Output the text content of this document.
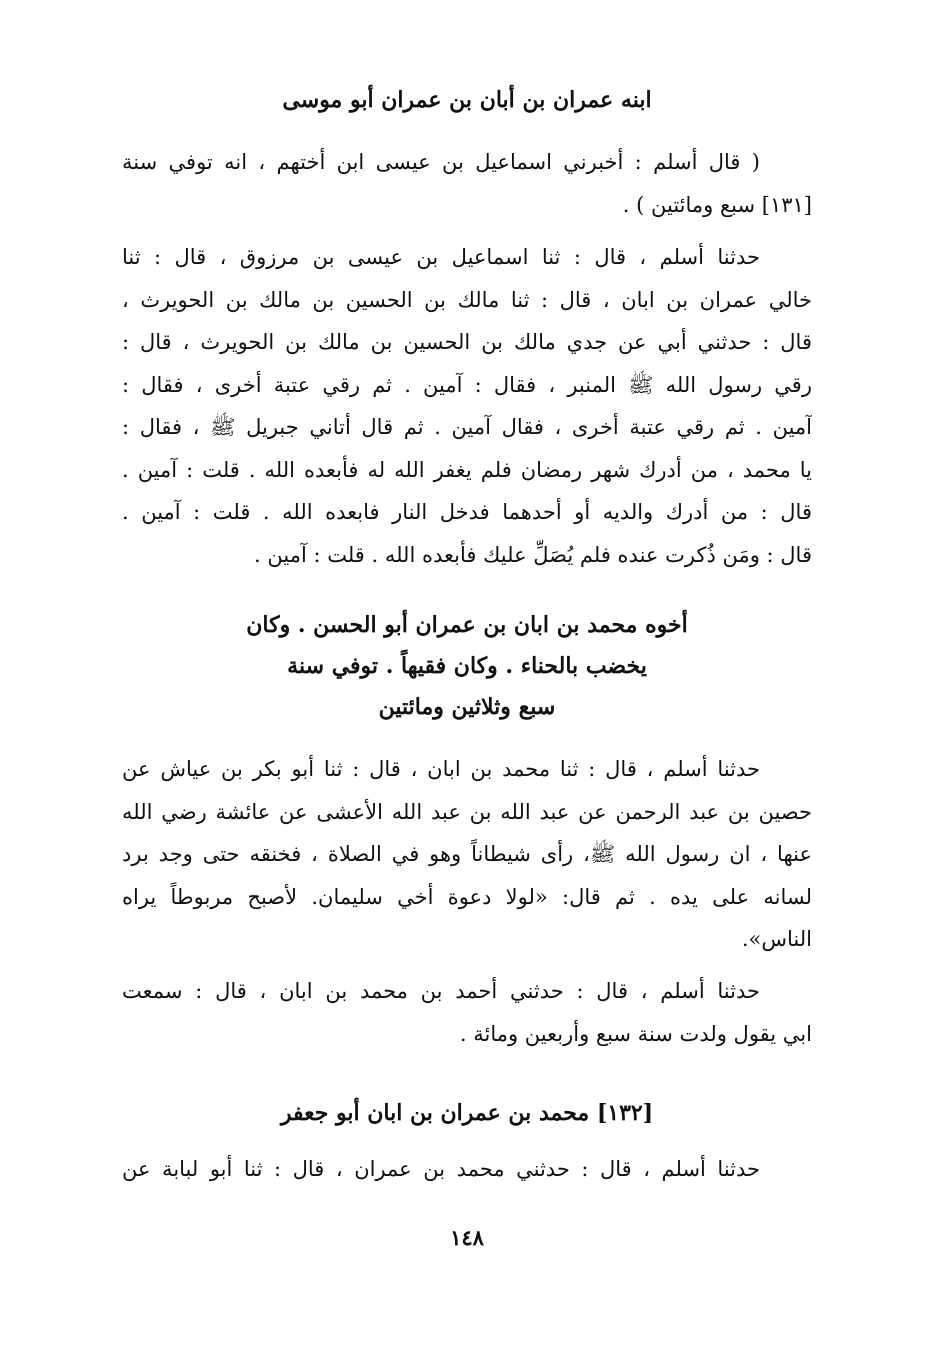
ابنه عمران بن أبان بن عمران أبو موسى
( قال أسلم : أخبرني اسماعيل بن عيسى ابن أختهم ، انه توفي سنة
[١٣١] سبع ومائتين ) .
حدثنا أسلم ، قال : ثنا اسماعيل بن عيسى بن مرزوق ، قال : ثنا
خالي عمران بن ابان ، قال : ثنا مالك بن الحسين بن مالك بن الحويرث ،
قال : حدثني أبي عن جدي مالك بن الحسين بن مالك بن الحويرث ، قال :
رقي رسول الله ﷺ المنبر ، فقال : آمين . ثم رقي عتبة أخرى ، فقال :
آمين . ثم رقي عتبة أخرى ، فقال آمين . ثم قال أتاني جبريل ﷺ ، فقال :
يا محمد ، من أدرك شهر رمضان فلم يغفر الله له فأبعده الله . قلت : آمين .
قال : من أدرك والديه أو أحدهما فدخل النار فابعده الله . قلت : آمين .
قال : ومَن ذُكرت عنده فلم يُصَلِّ عليك فأبعده الله . قلت : آمين .
أخوه محمد بن ابان بن عمران أبو الحسن . وكان
يخضب بالحناء . وكان فقيهاً . توفي سنة
سبع وثلاثين ومائتين
حدثنا أسلم ، قال : ثنا محمد بن ابان ، قال : ثنا أبو بكر بن عياش عن
حصين بن عبد الرحمن عن عبد الله بن عبد الله الأعشى عن عائشة رضي الله
عنها ، ان رسول الله ﷺ، رأى شيطاناً وهو في الصلاة ، فخنقه حتى وجد برد
لسانه على يده . ثم قال: «لولا دعوة أخي سليمان. لأصبح مربوطاً يراه
الناس».
حدثنا أسلم ، قال : حدثني أحمد بن محمد بن ابان ، قال : سمعت
ابي يقول ولدت سنة سبع وأربعين ومائة .
[١٣٢] محمد بن عمران بن ابان أبو جعفر
حدثنا أسلم ، قال : حدثني محمد بن عمران ، قال : ثنا أبو لبابة عن
١٤٨
